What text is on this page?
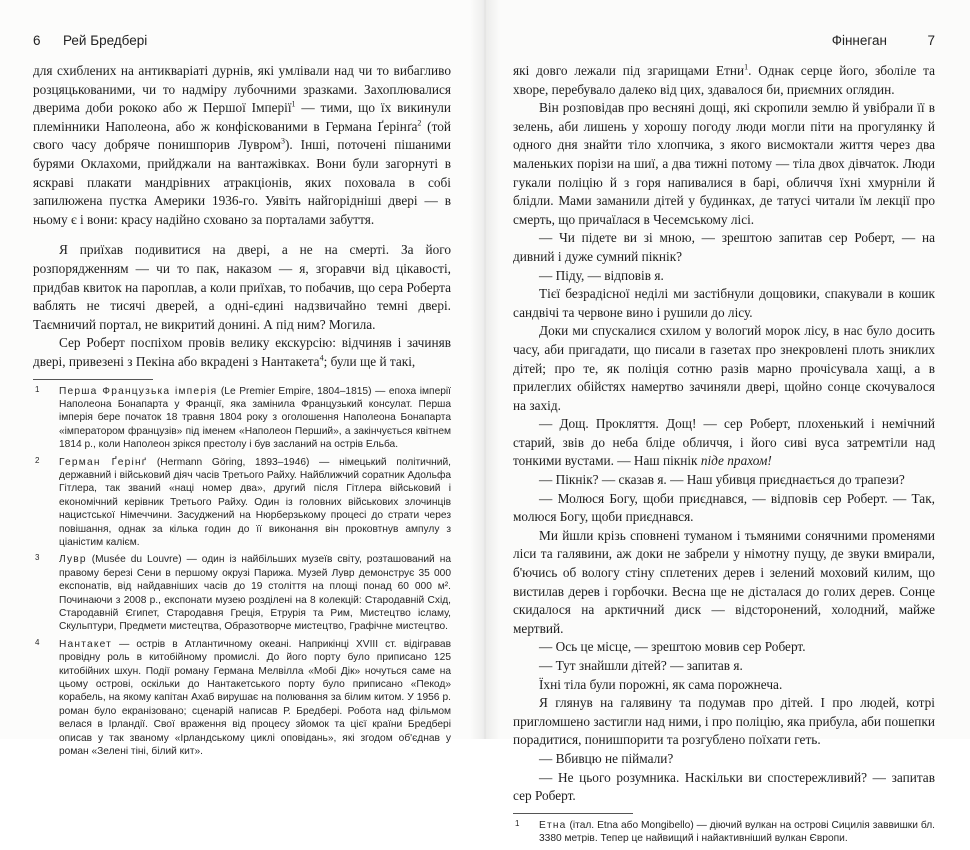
6 Рей Бредбері

для схиблених на антикваріаті дурнів, які умлівали над чи то вибагливо розцяцькованими, чи то надміру лубочними зразками. Захоплювалися дверима доби рококо або ж Першої Імперії$^1$ — тими, що їх викинули племінники Наполеона, або ж конфіскованими в Германа Ґерінґа$^2$ (той свого часу добряче понишпорив Лувром$^3$). Інші, поточені пішаними бурями Оклахоми, прийджали на вантажівках. Вони були загорнуті в яскраві плакати мандрівних атракціонів, яких поховала в собі запилюжена пустка Америки 1936-го. Уявіть найгорідніші двері — в ньому є і вони: красу надійно сховано за порталами забуття.

Я приїхав подивитися на двері, а не на смерті. За його розпорядженням — чи то пак, наказом — я, згоравчи від цікавості, придбав квиток на пароплав, а коли приїхав, то побачив, що сера Роберта ваблять не тисячі дверей, а одні-єдині надзвичайно темні двері. Таємничий портал, не викритий донині. А під ним? Могила.

Сер Роберт поспіхом провів велику екскурсію: відчиняв і зачиняв двері, привезені з Пекіна або вкрадені з Нантакета$^4$; були ще й такі,

1 Перша Французька імперія (Le Premier Empire, 1804–1815) — епоха імперії Наполеона Бонапарта у Франції, яка замінила Французький консулат. Перша імперія бере початок 18 травня 1804 року з оголошення Наполеона Бонапарта «імператором французів» під іменем «Наполеон Перший», а закінчується квітнем 1814 р., коли Наполеон зрікся престолу і був засланий на острів Ельба.
2 Герман Ґерінґ (Hermann Göring, 1893–1946) — німецький політичний, державний і військовий діяч часів Третього Райху. Найближчий соратник Адольфа Гітлера, так званий «наці номер два», другий після Гітлера військовий і економічний керівник Третього Райху. Один із головних військових злочинців нацистської Німеччини. Засуджений на Нюрберзькому процесі до страти через повішання, однак за кілька годин до її виконання він проковтнув ампулу з ціаністим калієм.
3 Лувр (Musée du Louvre) — один із найбільших музеїв світу, розташований на правому березі Сени в першому окрузі Парижа. Музей Лувр демонструє 35 000 експонатів, від найдавніших часів до 19 століття на площі понад 60 000 м². Починаючи з 2008 р., експонати музею розділені на 8 колекцій: Стародавній Схід, Стародавній Єгипет, Стародавня Греція, Етрурія та Рим, Мистецтво ісламу, Скульптури, Предмети мистецтва, Образотворче мистецтво, Графічне мистецтво.
4 Нантакет — острів в Атлантичному океані. Наприкінці XVIII ст. відігравав провідну роль в китобійному промислі. До його порту було приписано 125 китобійних шхун. Події роману Германа Мелвілла «Мобі Дік» ночуться саме на цьому острові, оскільки до Нантакетського порту було приписано «Пекод» корабель, на якому капітан Ахаб вирушає на полювання за білим китом. У 1956 р. роман було екранізовано; сценарій написав Р. Бредбері. Робота над фільмом велася в Ірландії. Свої враження від процесу зйомок та цієї країни Бредбері описав у так званому «Ірландському циклі оповідань», які згодом об'єднав у роман «Зелені тіні, білий кит».
Фіннеган	7

які довго лежали під згарищами Етни$^1$. Однак серце його, зболіле та хворе, перебувало далеко від цих, здавалося би, приємних оглядин.

Він розповідав про весняні дощі, які скропили землю й увібрали її в зелень, аби лишень у хорошу погоду люди могли піти на прогулянку й одного дня знайти тіло хлопчика, з якого висмоктали життя через два маленьких порізи на шиї, а два тижні потому — тіла двох дівчаток. Люди гукали поліцію й з горя напивалися в барі, обличчя їхні хмурніли й блідли. Мами заманили дітей у будинках, де татусі читали їм лекції про смерть, що причаїлася в Чесемському лісі.

— Чи підете ви зі мною, — зрештою запитав сер Роберт, — на дивний і дуже сумний пікнік?

— Піду, — відповів я.

Тієї безрадісної неділі ми застібнули дощовики, спакували в кошик сандвічі та червоне вино і рушили до лісу.

Доки ми спускалися схилом у вологий морок лісу, в нас було досить часу, аби пригадати, що писали в газетах про знекровлені плоть зниклих дітей; про те, як поліція сотню разів марно прочісувала хащі, а в прилеглих обійстях намертво зачиняли двері, щойно сонце скочувалося на захід.

— Дощ. Прокляття. Дощ! — сер Роберт, плохенький і немічний старий, звів до неба бліде обличчя, і його сиві вуса затремтіли над тонкими вустами. — Наш пікнік піде прахом!

— Пікнік? — сказав я. — Наш убивця приєднається до трапези?

— Молюся Богу, щоби приєднався, — відповів сер Роберт. — Так, молюся Богу, щоби приєднався.

Ми йшли крізь сповнені туманом і тьмяними сонячними променями ліси та галявини, аж доки не забрели у німотну пущу, де звуки вмирали, б'ючись об вологу стіну сплетених дерев і зелений моховий килим, що вистилав дерев і горбочки. Весна ще не дісталася до голих дерев. Сонце скидалося на арктичний диск — відсторонений, холодний, майже мертвий.

— Ось це місце, — зрештою мовив сер Роберт.

— Тут знайшли дітей? — запитав я.

Їхні тіла були порожні, як сама порожнеча.

Я глянув на галявину та подумав про дітей. І про людей, котрі пригломшено застигли над ними, і про поліцію, яка прибула, аби пошепки порадитися, понишпорити та розгублено поїхати геть.

— Вбивцю не піймали?

— Не цього розумника. Наскільки ви спостережливий? — запитав сер Роберт.

1 Етна (італ. Etna або Mongibello) — діючий вулкан на острові Сицилія заввишки бл. 3380 метрів. Тепер це найвищий і найактивніший вулкан Європи.
